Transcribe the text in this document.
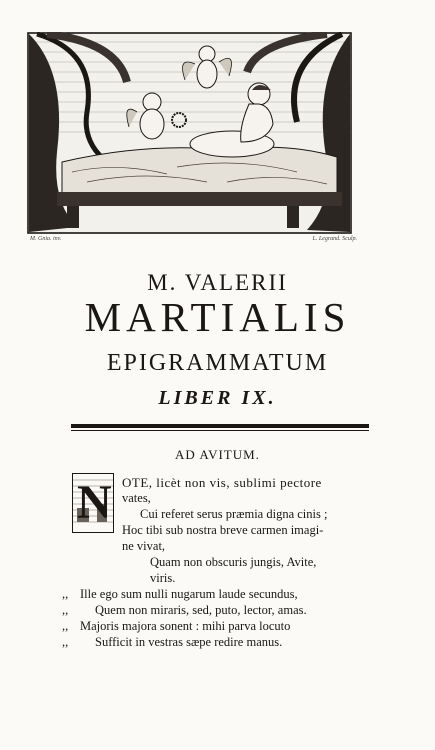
M. Gnia. inv.	L. Legrand. Sculp.
M. VALERII
MARTIALIS
EPIGRAMMATUM
LIBER IX.
AD AVITUM.
N OTE, licèt non vis, sublimi pectore
vates,
Cui referet serus præmia digna cinis ;
Hoc tibi sub nostra breve carmen imagi-
ne vivat,
Quam non obscuris jungis, Avite,
viris.
,, Ille ego sum nulli nugarum laude secundus,
,, Quem non miraris, sed, puto, lector, amas.
,, Majoris majora sonent : mihi parva locuto
,, Sufficit in vestras sæpe redire manus.
